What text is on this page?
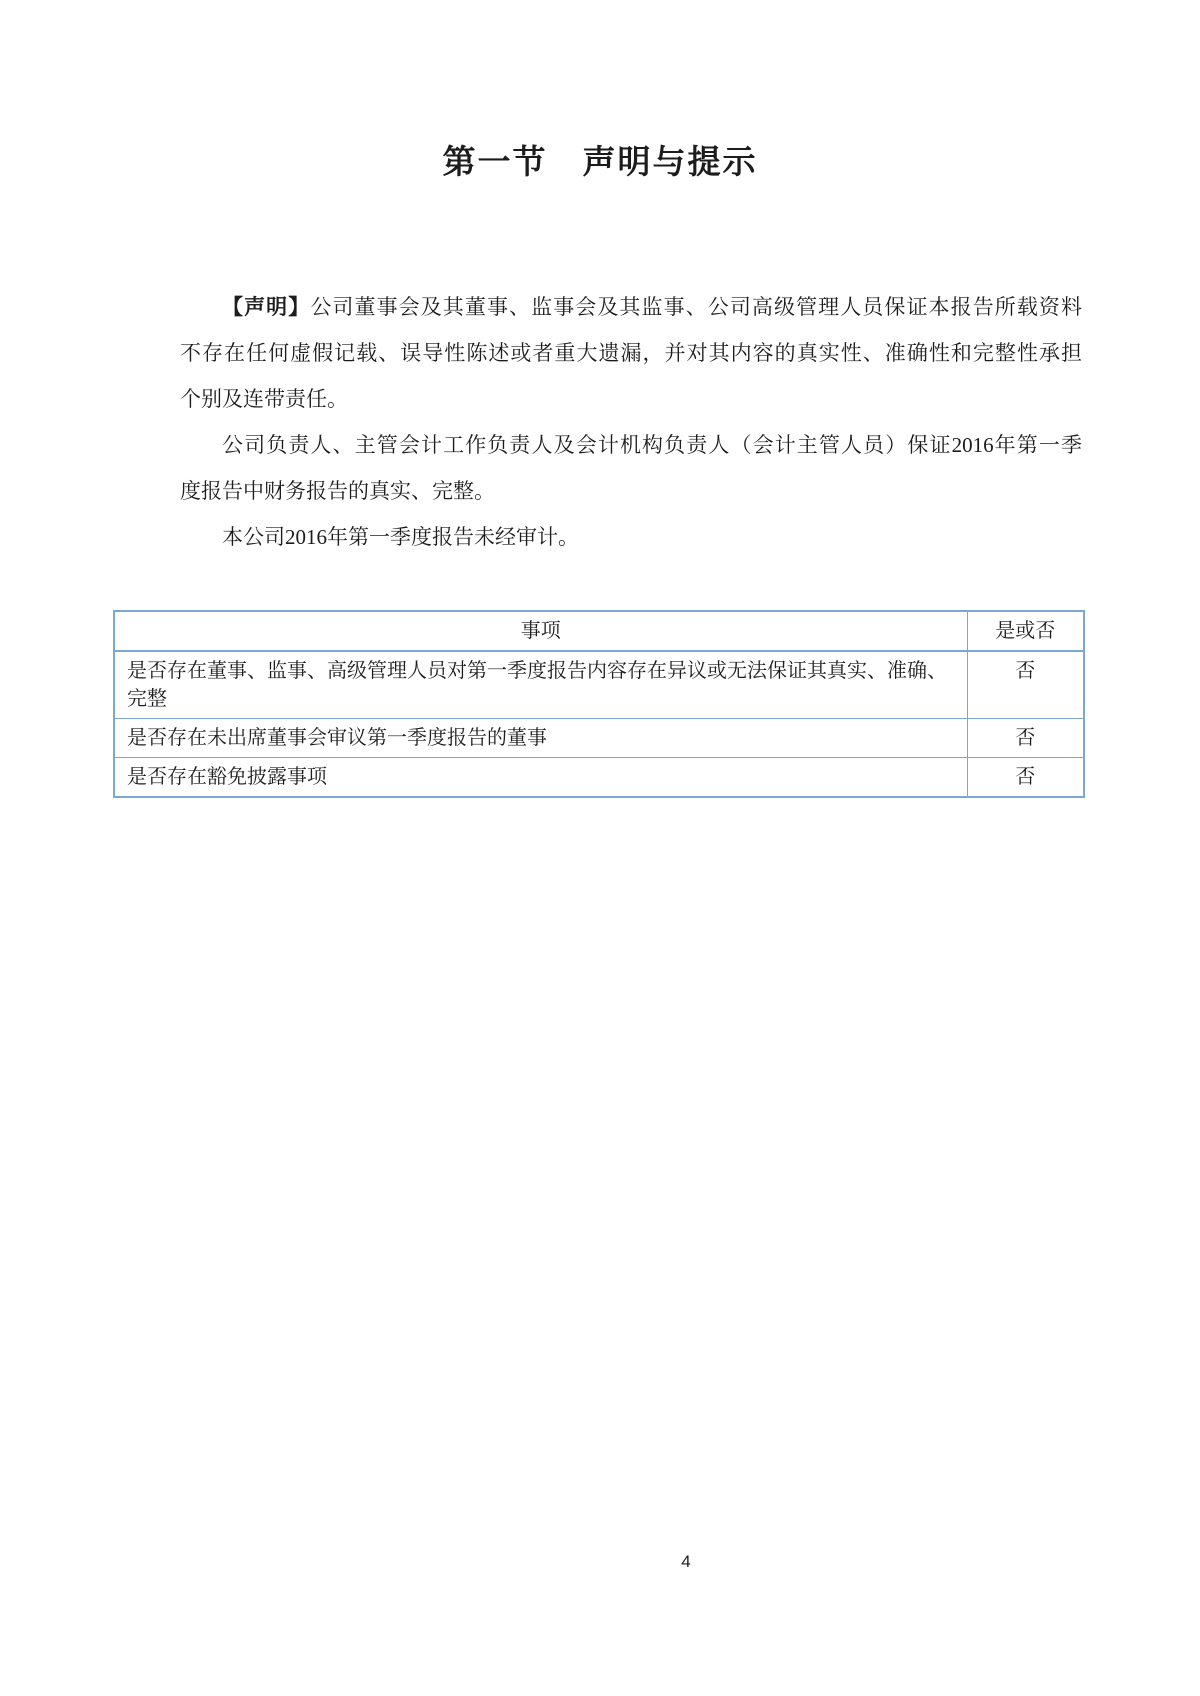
第一节　声明与提示

【声明】公司董事会及其董事、监事会及其监事、公司高级管理人员保证本报告所载资料

不存在任何虚假记载、误导性陈述或者重大遗漏，并对其内容的真实性、准确性和完整性承担

个别及连带责任。

公司负责人、主管会计工作负责人及会计机构负责人（会计主管人员）保证2016年第一季

度报告中财务报告的真实、完整。

本公司2016年第一季度报告未经审计。

事项	是或否
是否存在董事、监事、高级管理人员对第一季度报告内容存在异议或无法保证其真实、准确、完整	否
是否存在未出席董事会审议第一季度报告的董事	否
是否存在豁免披露事项	否
4
